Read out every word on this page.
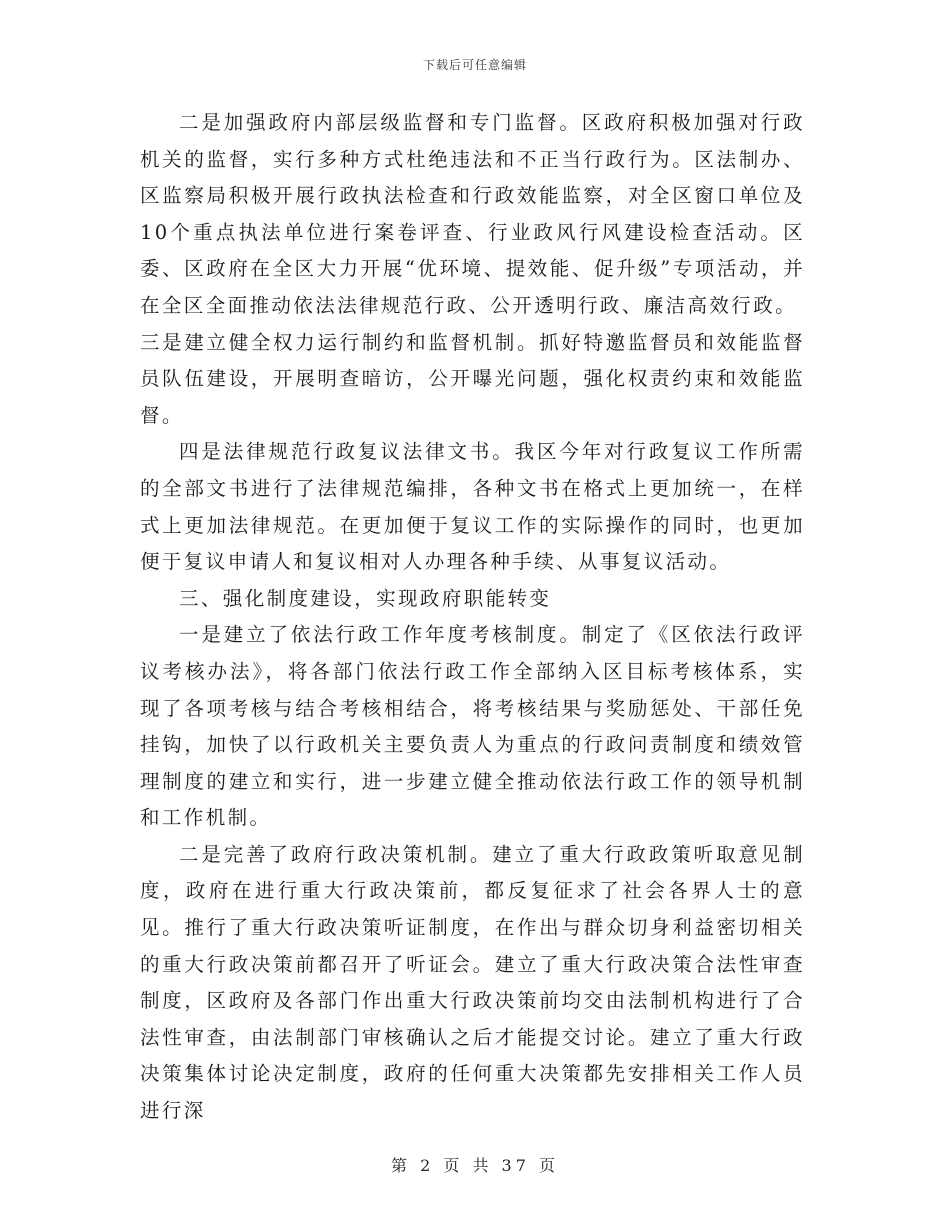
下载后可任意编辑

二是加强政府内部层级监督和专门监督。区政府积极加强对行政机关的监督，实行多种方式杜绝违法和不正当行政行为。区法制办、区监察局积极开展行政执法检查和行政效能监察，对全区窗口单位及10个重点执法单位进行案卷评查、行业政风行风建设检查活动。区委、区政府在全区大力开展“优环境、提效能、促升级”专项活动，并在全区全面推动依法法律规范行政、公开透明行政、廉洁高效行政。

三是建立健全权力运行制约和监督机制。抓好特邀监督员和效能监督员队伍建设，开展明查暗访，公开曝光问题，强化权责约束和效能监督。

四是法律规范行政复议法律文书。我区今年对行政复议工作所需的全部文书进行了法律规范编排，各种文书在格式上更加统一，在样式上更加法律规范。在更加便于复议工作的实际操作的同时，也更加便于复议申请人和复议相对人办理各种手续、从事复议活动。

三、强化制度建设，实现政府职能转变

一是建立了依法行政工作年度考核制度。制定了《区依法行政评议考核办法》，将各部门依法行政工作全部纳入区目标考核体系，实现了各项考核与结合考核相结合，将考核结果与奖励惩处、干部任免挂钩，加快了以行政机关主要负责人为重点的行政问责制度和绩效管理制度的建立和实行，进一步建立健全推动依法行政工作的领导机制和工作机制。

二是完善了政府行政决策机制。建立了重大行政政策听取意见制度，政府在进行重大行政决策前，都反复征求了社会各界人士的意见。推行了重大行政决策听证制度，在作出与群众切身利益密切相关的重大行政决策前都召开了听证会。建立了重大行政决策合法性审查制度，区政府及各部门作出重大行政决策前均交由法制机构进行了合法性审查，由法制部门审核确认之后才能提交讨论。建立了重大行政决策集体讨论决定制度，政府的任何重大决策都先安排相关工作人员进行深

第 2 页 共 37 页
